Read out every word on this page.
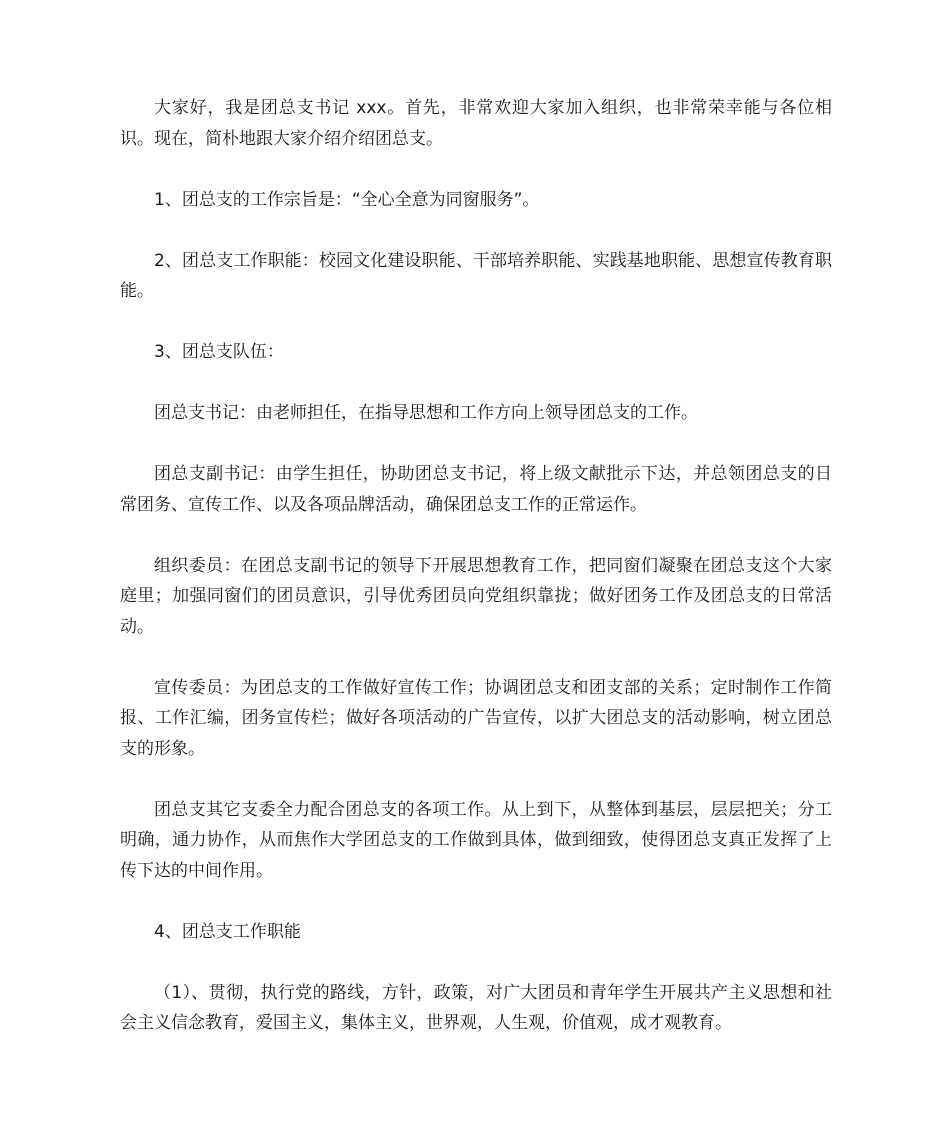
大家好，我是团总支书记 xxx。首先，非常欢迎大家加入组织，也非常荣幸能与各位相识。现在，简朴地跟大家介绍介绍团总支。

1、团总支的工作宗旨是：“全心全意为同窗服务”。

2、团总支工作职能：校园文化建设职能、干部培养职能、实践基地职能、思想宣传教育职能。

3、团总支队伍：

团总支书记：由老师担任，在指导思想和工作方向上领导团总支的工作。

团总支副书记：由学生担任，协助团总支书记，将上级文献批示下达，并总领团总支的日常团务、宣传工作、以及各项品牌活动，确保团总支工作的正常运作。

组织委员：在团总支副书记的领导下开展思想教育工作，把同窗们凝聚在团总支这个大家庭里；加强同窗们的团员意识，引导优秀团员向党组织靠拢；做好团务工作及团总支的日常活动。

宣传委员：为团总支的工作做好宣传工作；协调团总支和团支部的关系；定时制作工作简报、工作汇编，团务宣传栏；做好各项活动的广告宣传，以扩大团总支的活动影响，树立团总支的形象。

团总支其它支委全力配合团总支的各项工作。从上到下，从整体到基层，层层把关；分工明确，通力协作，从而焦作大学团总支的工作做到具体，做到细致，使得团总支真正发挥了上传下达的中间作用。

4、团总支工作职能

（1）、贯彻，执行党的路线，方针，政策，对广大团员和青年学生开展共产主义思想和社会主义信念教育，爱国主义，集体主义，世界观，人生观，价值观，成才观教育。
